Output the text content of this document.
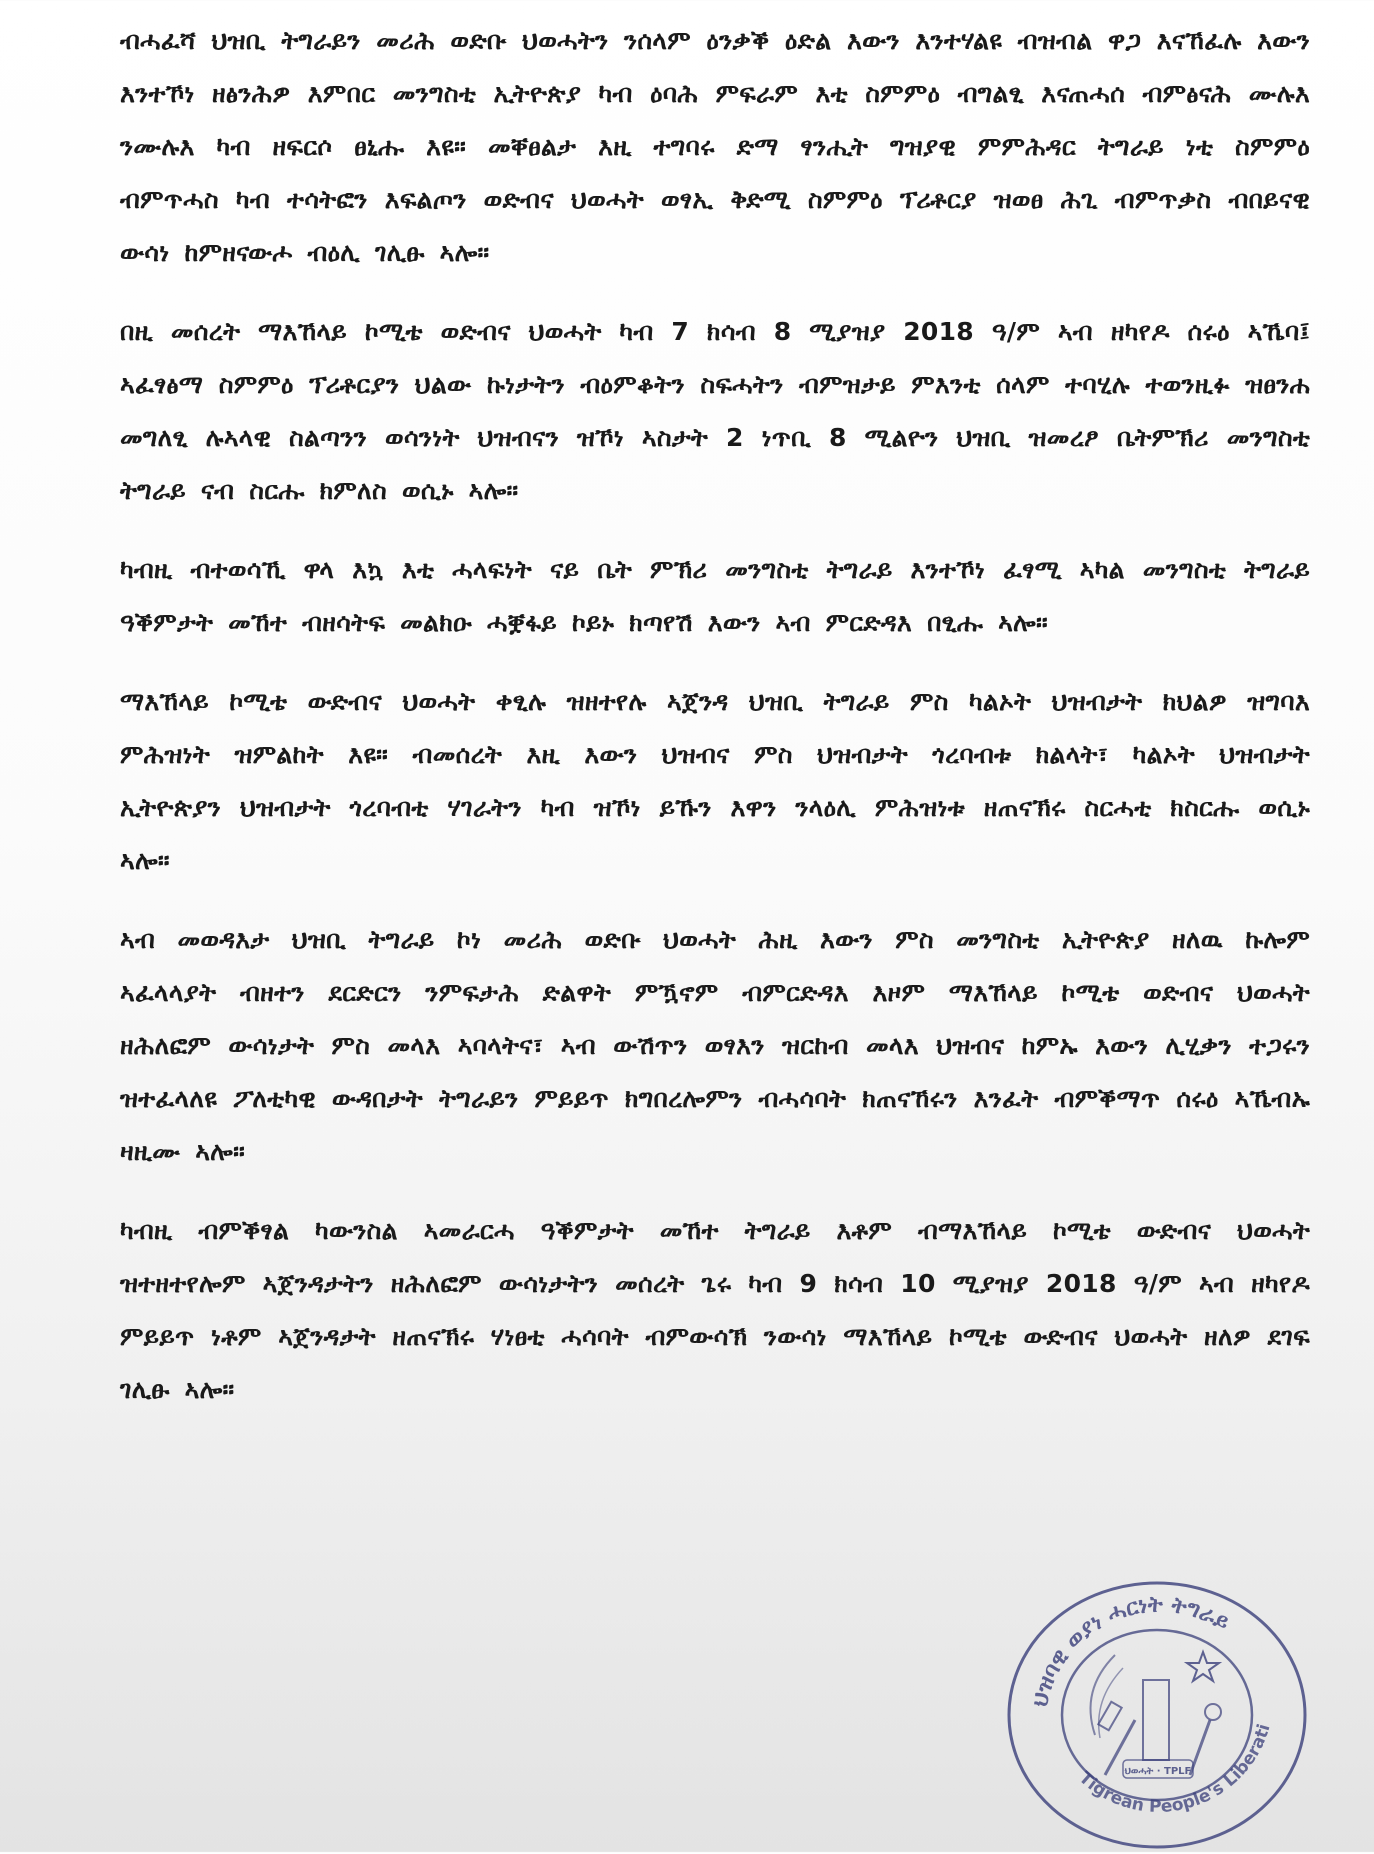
ብሓፈሻ ህዝቢ ትግራይን መሪሕ ወድቡ ህወሓትን ንሰላም ዕንቃቕ ዕድል እውን እንተሃልዩ ብዝብል ዋጋ እናኸፈሉ እውን እንተኾነ ዘፅንሕዎ እምበር መንግስቲ ኢትዮጵያ ካብ ዕባሕ ምፍራም እቲ ስምምዕ ብግልፂ እናጠሓሰ ብምፅናሕ ሙሉእ ንሙሉእ ካብ ዘፍርሶ ፀኒሑ እዩ። መቐፀልታ እዚ ተግባሩ ድማ ፃንሒት ግዝያዊ ምምሕዳር ትግራይ ነቲ ስምምዕ ብምጥሓስ ካብ ተሳትፎን እፍልጦን ወድብና ህወሓት ወፃኢ ቅድሚ ስምምዕ ፕሪቶርያ ዝወፀ ሕጊ ብምጥቃስ ብበይናዊ ውሳነ ከምዘናውሖ ብዕሊ ገሊፁ ኣሎ።

በዚ መሰረት ማእኸላይ ኮሚቴ ወድብና ህወሓት ካብ 7 ክሳብ 8 ሚያዝያ 2018 ዓ/ም ኣብ ዘካየዶ ሰሩዕ ኣኼባ፤ ኣፈፃፅማ ስምምዕ ፕሪቶርያን ህልው ኩነታትን ብዕምቆትን ስፍሓትን ብምዝታይ ምእንቲ ሰላም ተባሂሉ ተወንዚፉ ዝፀንሐ መግለፂ ሉኣላዊ ስልጣንን ወሳንነት ህዝብናን ዝኾነ ኣስታት 2 ነጥቢ 8 ሚልዮን ህዝቢ ዝመረፆ ቤትምኽሪ መንግስቲ ትግራይ ናብ ስርሑ ክምለስ ወሲኑ ኣሎ።

ካብዚ ብተወሳኺ ዋላ እኳ እቲ ሓላፍነት ናይ ቤት ምኽሪ መንግስቲ ትግራይ እንተኾነ ፈፃሚ ኣካል መንግስቲ ትግራይ ዓቕምታት መኸተ ብዘሳትፍ መልክዑ ሓቛፋይ ኮይኑ ክጣየሽ እውን ኣብ ምርድዳእ በፂሑ ኣሎ።

ማእኸላይ ኮሚቴ ውድብና ህወሓት ቀፂሉ ዝዘተየሉ ኣጀንዳ ህዝቢ ትግራይ ምስ ካልኦት ህዝብታት ክህልዎ ዝግባእ ምሕዝነት ዝምልከት እዩ። ብመሰረት እዚ እውን ህዝብና ምስ ህዝብታት ጎረባብቱ ክልላት፣ ካልኦት ህዝብታት ኢትዮጵያን ህዝብታት ጎረባብቲ ሃገራትን ካብ ዝኾነ ይኹን እዋን ንላዕሊ ምሕዝነቱ ዘጠናኽሩ ስርሓቲ ክስርሑ ወሲኑ ኣሎ።

ኣብ መወዳእታ ህዝቢ ትግራይ ኮነ መሪሕ ወድቡ ህወሓት ሕዚ እውን ምስ መንግስቲ ኢትዮጵያ ዘለዉ ኩሎም ኣፈላላያት ብዘተን ደርድርን ንምፍታሕ ድልዋት ምዃኖም ብምርድዳእ እዞም ማእኸላይ ኮሚቴ ወድብና ህወሓት ዘሕለፎም ውሳነታት ምስ መላእ ኣባላትና፣ ኣብ ውሽጥን ወፃእን ዝርከብ መላእ ህዝብና ከምኡ እውን ሊሂቃን ተጋሩን ዝተፈላለዩ ፖለቲካዊ ውዳበታት ትግራይን ምይይጥ ክግበረሎምን ብሓሳባት ክጠናኸሩን እንፈት ብምቕማጥ ሰሩዕ ኣኼብኡ ዛዚሙ ኣሎ።

ካብዚ ብምቕፃል ካውንስል ኣመራርሓ ዓቕምታት መኸተ ትግራይ እቶም ብማእኸላይ ኮሚቴ ውድብና ህወሓት ዝተዘተየሎም ኣጀንዳታትን ዘሕለፎም ውሳነታትን መሰረት ጌሩ ካብ 9 ክሳብ 10 ሚያዝያ 2018 ዓ/ም ኣብ ዘካየዶ ምይይጥ ነቶም ኣጀንዳታት ዘጠናኽሩ ሃነፀቲ ሓሳባት ብምውሳኽ ንውሳነ ማእኸላይ ኮሚቴ ውድብና ህወሓት ዘለዎ ደገፍ ገሊፁ ኣሎ።

ህዝባዊ ወያነ ሓርነት ትግራይ
Tigrean People's Liberati
ህወሓት · TPLF
